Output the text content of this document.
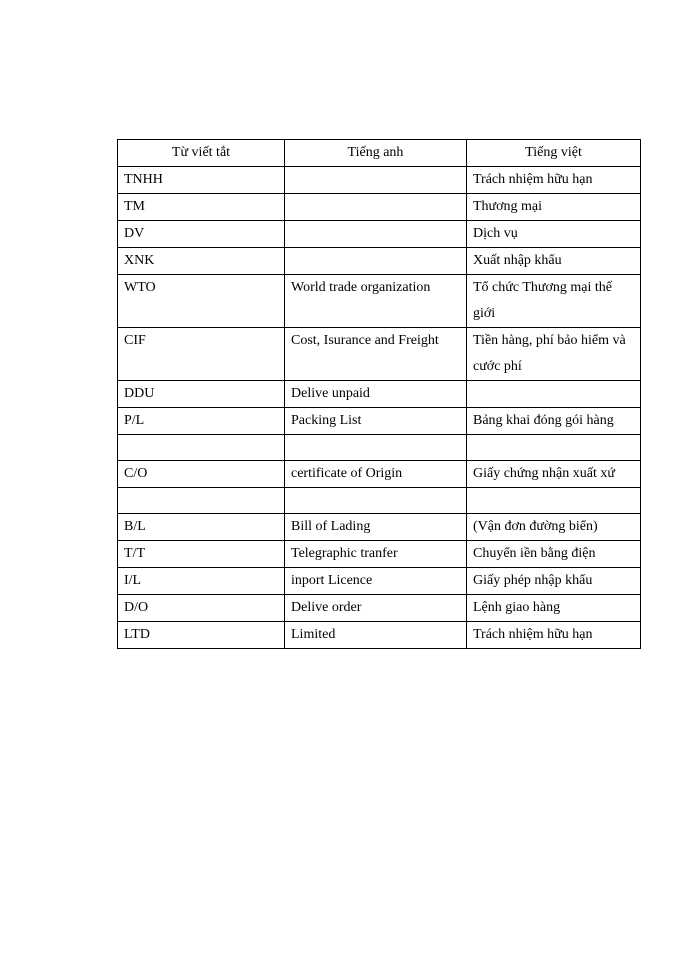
Từ viết tắt	Tiếng anh	Tiếng việt
TNHH		Trách nhiệm hữu hạn
TM		Thương mại
DV		Dịch vụ
XNK		Xuất nhập khẩu
WTO	World trade organization	Tổ chức Thương mại thế giới
CIF	Cost, Isurance and Freight	Tiền hàng, phí bảo hiểm và cước phí
DDU	Delive unpaid	
P/L	Packing List	Bảng khai đóng gói hàng

C/O	certificate of Origin	Giấy chứng nhận xuất xứ

B/L	Bill of Lading	(Vận đơn đường biển)
T/T	Telegraphic tranfer	Chuyển iền bằng điện
I/L	inport Licence	Giấy phép nhập khẩu
D/O	Delive order	Lệnh giao hàng
LTD	Limited	Trách nhiệm hữu hạn
